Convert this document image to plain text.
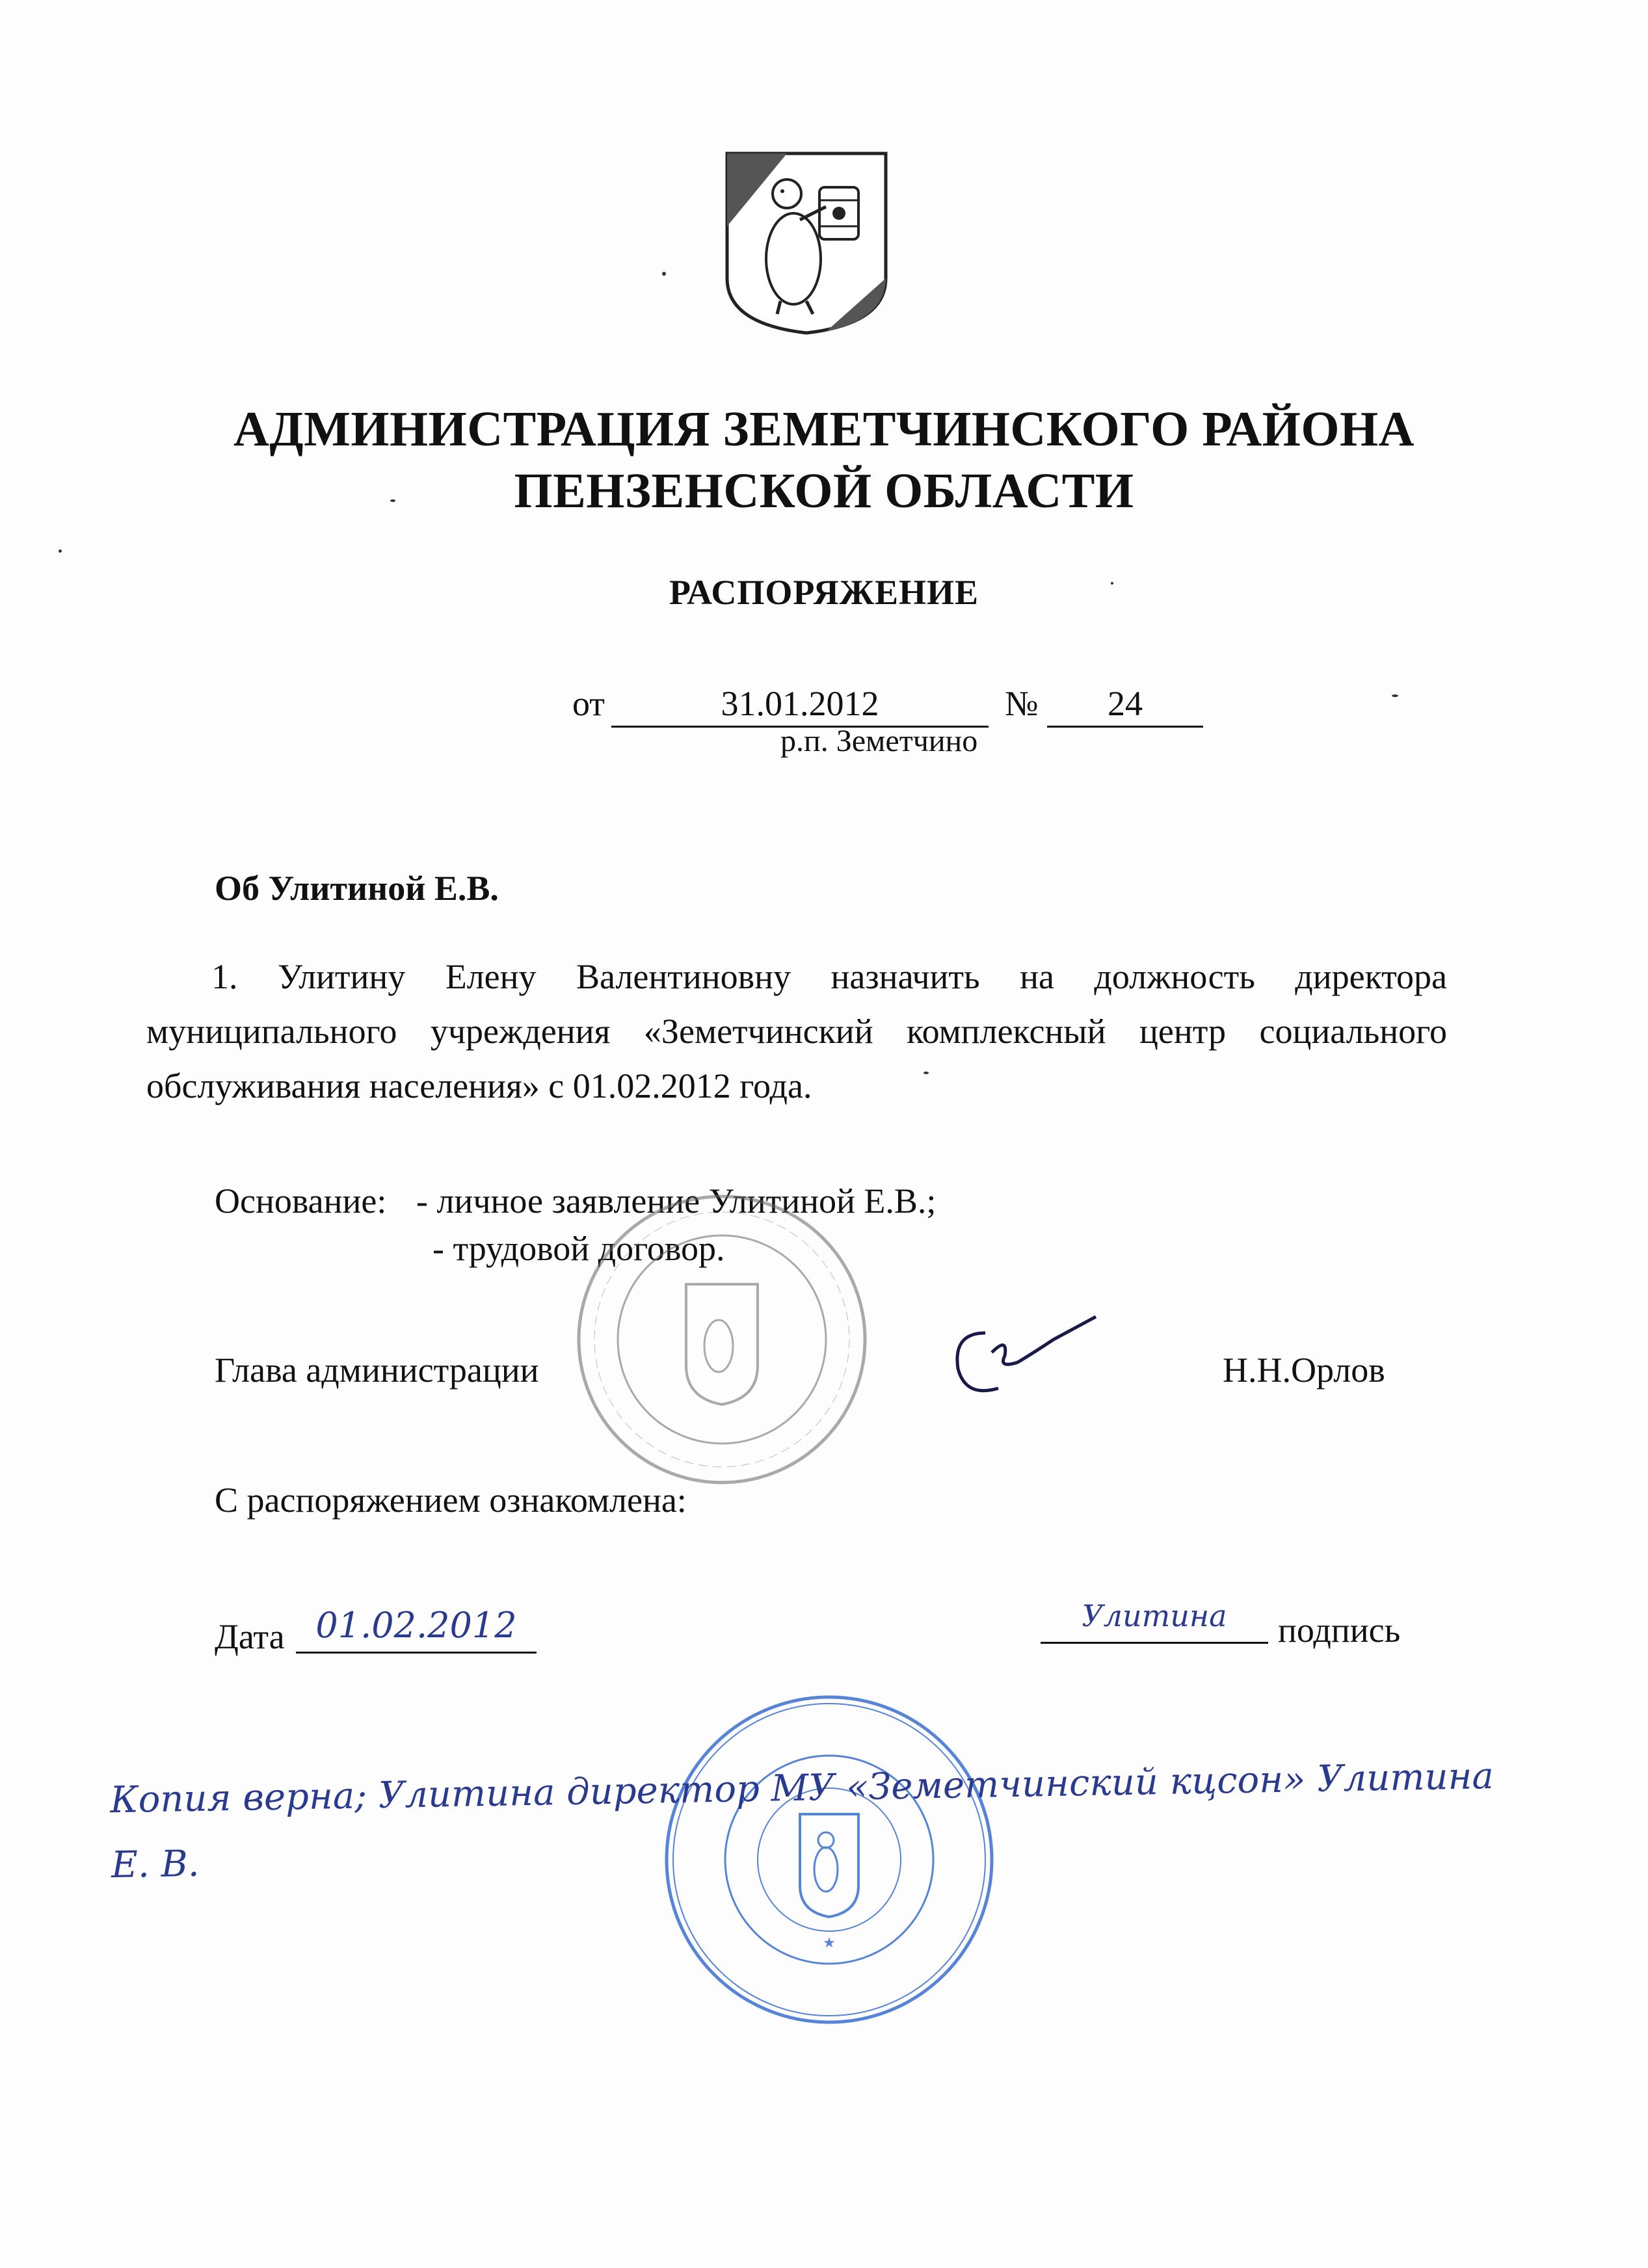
АДМИНИСТРАЦИЯ ЗЕМЕТЧИНСКОГО РАЙОНА
ПЕНЗЕНСКОЙ ОБЛАСТИ
РАСПОРЯЖЕНИЕ
от	31.01.2012	№	24
р.п. Земетчино
Об Улитиной Е.В.
1. Улитину Елену Валентиновну назначить на должность директора муниципального учреждения «Земетчинский комплексный центр социального обслуживания населения» с 01.02.2012 года.
Основание: - личное заявление Улитиной Е.В.;
- трудовой договор.
Глава администрации	Н.Н.Орлов
С распоряжением ознакомлена:
Дата 01.02.2012	Улитина	подпись
★
Копия верна; Улитина директор МУ «Земетчинский кцсон» Улитина Е. В.
